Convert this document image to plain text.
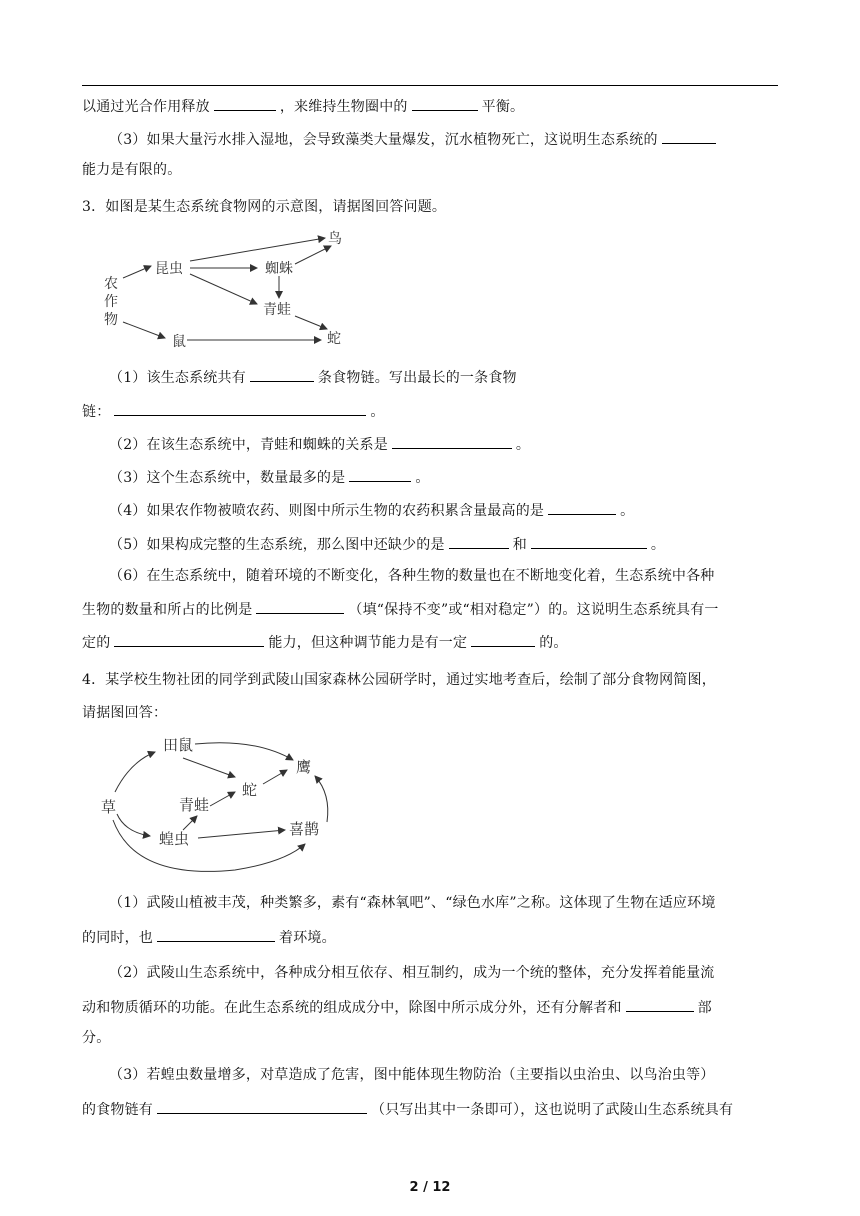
以通过光合作用释放	，来维持生物圈中的	平衡。
（3）如果大量污水排入湿地，会导致藻类大量爆发，沉水植物死亡，这说明生态系统的
能力是有限的。
3．如图是某生态系统食物网的示意图，请据图回答问题。
农
作
物
昆虫
鸟
蜘蛛
青蛙
鼠	蛇
（1）该生态系统共有	条食物链。写出最长的一条食物
链：	。
（2）在该生态系统中，青蛙和蜘蛛的关系是	。
（3）这个生态系统中，数量最多的是	。
（4）如果农作物被喷农药、则图中所示生物的农药积累含量最高的是	。
（5）如果构成完整的生态系统，那么图中还缺少的是	和	。
（6）在生态系统中，随着环境的不断变化，各种生物的数量也在不断地变化着，生态系统中各种
生物的数量和所占的比例是	（填“保持不变”或“相对稳定”）的。这说明生态系统具有一
定的	能力，但这种调节能力是有一定	的。
4．某学校生物社团的同学到武陵山国家森林公园研学时，通过实地考查后，绘制了部分食物网简图，
请据图回答：
草
田鼠
青蛙
蛇
鹰
蝗虫
喜鹊
（1）武陵山植被丰茂，种类繁多，素有“森林氧吧”、“绿色水库”之称。这体现了生物在适应环境
的同时，也	着环境。
（2）武陵山生态系统中，各种成分相互依存、相互制约，成为一个统的整体，充分发挥着能量流
动和物质循环的功能。在此生态系统的组成成分中，除图中所示成分外，还有分解者和	部
分。
（3）若蝗虫数量增多，对草造成了危害，图中能体现生物防治（主要指以虫治虫、以鸟治虫等）
的食物链有	（只写出其中一条即可），这也说明了武陵山生态系统具有
2 / 12
